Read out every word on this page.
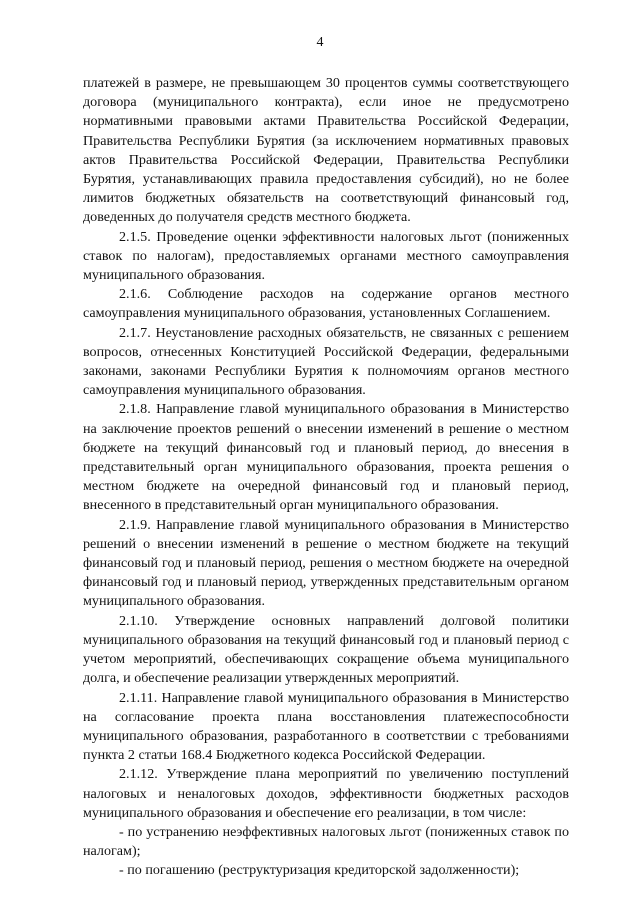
4

платежей в размере, не превышающем 30 процентов суммы соответствующего договора (муниципального контракта), если иное не предусмотрено нормативными правовыми актами Правительства Российской Федерации, Правительства Республики Бурятия (за исключением нормативных правовых актов Правительства Российской Федерации, Правительства Республики Бурятия, устанавливающих правила предоставления субсидий), но не более лимитов бюджетных обязательств на соответствующий финансовый год, доведенных до получателя средств местного бюджета.

2.1.5. Проведение оценки эффективности налоговых льгот (пониженных ставок по налогам), предоставляемых органами местного самоуправления муниципального образования.

2.1.6. Соблюдение расходов на содержание органов местного самоуправления муниципального образования, установленных Соглашением.

2.1.7. Неустановление расходных обязательств, не связанных с решением вопросов, отнесенных Конституцией Российской Федерации, федеральными законами, законами Республики Бурятия к полномочиям органов местного самоуправления муниципального образования.

2.1.8. Направление главой муниципального образования в Министерство на заключение проектов решений о внесении изменений в решение о местном бюджете на текущий финансовый год и плановый период, до внесения в представительный орган муниципального образования, проекта решения о местном бюджете на очередной финансовый год и плановый период, внесенного в представительный орган муниципального образования.

2.1.9. Направление главой муниципального образования в Министерство решений о внесении изменений в решение о местном бюджете на текущий финансовый год и плановый период, решения о местном бюджете на очередной финансовый год и плановый период, утвержденных представительным органом муниципального образования.

2.1.10. Утверждение основных направлений долговой политики муниципального образования на текущий финансовый год и плановый период с учетом мероприятий, обеспечивающих сокращение объема муниципального долга, и обеспечение реализации утвержденных мероприятий.

2.1.11. Направление главой муниципального образования в Министерство на согласование проекта плана восстановления платежеспособности муниципального образования, разработанного в соответствии с требованиями пункта 2 статьи 168.4 Бюджетного кодекса Российской Федерации.

2.1.12. Утверждение плана мероприятий по увеличению поступлений налоговых и неналоговых доходов, эффективности бюджетных расходов муниципального образования и обеспечение его реализации, в том числе:

- по устранению неэффективных налоговых льгот (пониженных ставок по налогам);

- по погашению (реструктуризация кредиторской задолженности);
